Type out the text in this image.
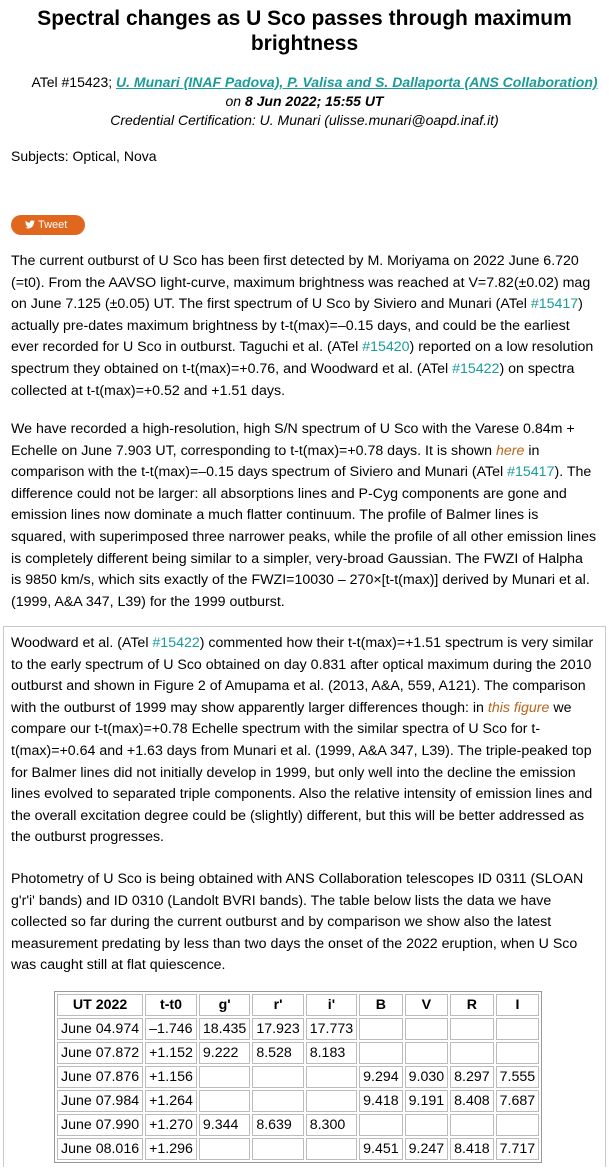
Spectral changes as U Sco passes through maximum brightness
ATel #15423; U. Munari (INAF Padova), P. Valisa and S. Dallaporta (ANS Collaboration)
on 8 Jun 2022; 15:55 UT
Credential Certification: U. Munari (ulisse.munari@oapd.inaf.it)
Subjects: Optical, Nova
Tweet
The current outburst of U Sco has been first detected by M. Moriyama on 2022 June 6.720 (=t0). From the AAVSO light-curve, maximum brightness was reached at V=7.82(±0.02) mag on June 7.125 (±0.05) UT. The first spectrum of U Sco by Siviero and Munari (ATel #15417) actually pre-dates maximum brightness by t-t(max)=–0.15 days, and could be the earliest ever recorded for U Sco in outburst. Taguchi et al. (ATel #15420) reported on a low resolution spectrum they obtained on t-t(max)=+0.76, and Woodward et al. (ATel #15422) on spectra collected at t-t(max)=+0.52 and +1.51 days.
We have recorded a high-resolution, high S/N spectrum of U Sco with the Varese 0.84m + Echelle on June 7.903 UT, corresponding to t-t(max)=+0.78 days. It is shown here in comparison with the t-t(max)=–0.15 days spectrum of Siviero and Munari (ATel #15417). The difference could not be larger: all absorptions lines and P-Cyg components are gone and emission lines now dominate a much flatter continuum. The profile of Balmer lines is squared, with superimposed three narrower peaks, while the profile of all other emission lines is completely different being similar to a simpler, very-broad Gaussian. The FWZI of Halpha is 9850 km/s, which sits exactly of the FWZI=10030 – 270×[t-t(max)] derived by Munari et al. (1999, A&A 347, L39) for the 1999 outburst.
Woodward et al. (ATel #15422) commented how their t-t(max)=+1.51 spectrum is very similar to the early spectrum of U Sco obtained on day 0.831 after optical maximum during the 2010 outburst and shown in Figure 2 of Amupama et al. (2013, A&A, 559, A121). The comparison with the outburst of 1999 may show apparently larger differences though: in this figure we compare our t-t(max)=+0.78 Echelle spectrum with the similar spectra of U Sco for t-t(max)=+0.64 and +1.63 days from Munari et al. (1999, A&A 347, L39). The triple-peaked top for Balmer lines did not initially develop in 1999, but only well into the decline the emission lines evolved to separated triple components. Also the relative intensity of emission lines and the overall excitation degree could be (slightly) different, but this will be better addressed as the outburst progresses.
Photometry of U Sco is being obtained with ANS Collaboration telescopes ID 0311 (SLOAN g'r'i' bands) and ID 0310 (Landolt BVRI bands). The table below lists the data we have collected so far during the current outburst and by comparison we show also the latest measurement predating by less than two days the onset of the 2022 eruption, when U Sco was caught still at flat quiescence.
UT 2022	t-t0	g'	r'	i'	B	V	R	I
June 04.974	–1.746	18.435	17.923	17.773				
June 07.872	+1.152	9.222	8.528	8.183				
June 07.876	+1.156				9.294	9.030	8.297	7.555
June 07.984	+1.264				9.418	9.191	8.408	7.687
June 07.990	+1.270	9.344	8.639	8.300				
June 08.016	+1.296				9.451	9.247	8.418	7.717
